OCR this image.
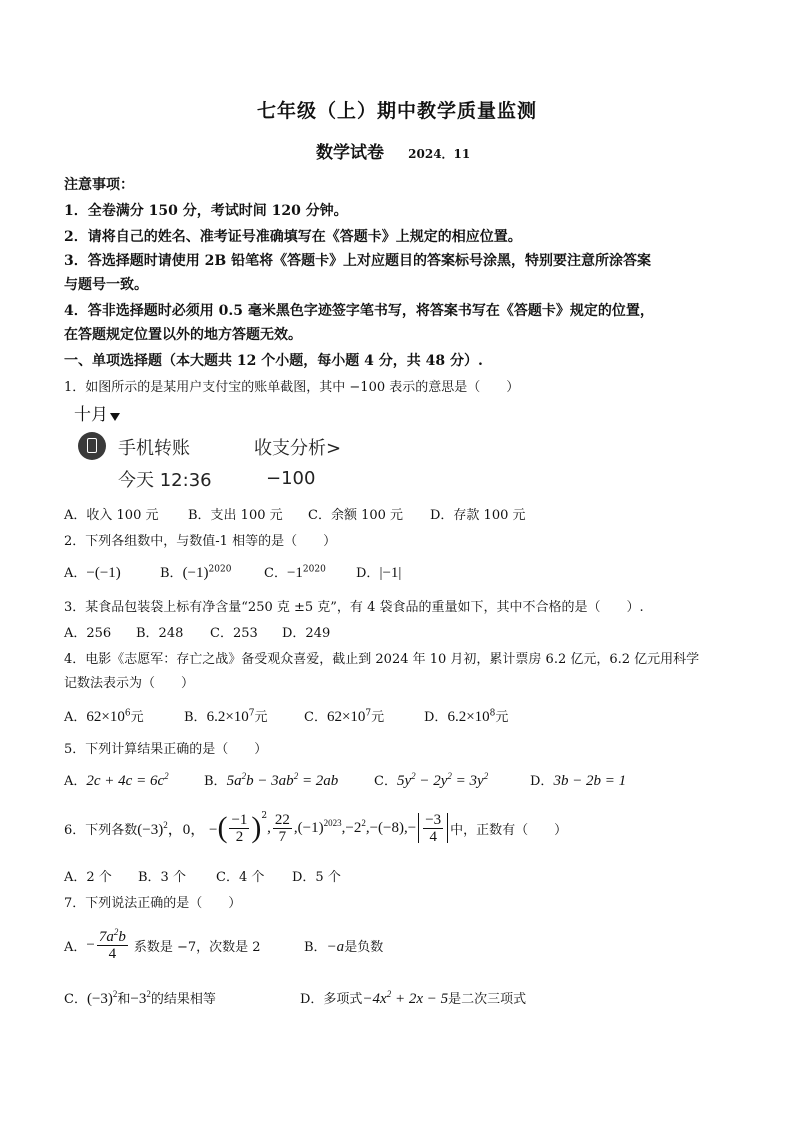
七年级（上）期中教学质量监测
数学试卷 2024．11
注意事项：
1．全卷满分 150 分，考试时间 120 分钟。
2．请将自己的姓名、准考证号准确填写在《答题卡》上规定的相应位置。
3．答选择题时请使用 2B 铅笔将《答题卡》上对应题目的答案标号涂黑，特别要注意所涂答案
与题号一致。
4．答非选择题时必须用 0.5 毫米黑色字迹签字笔书写，将答案书写在《答题卡》规定的位置，
在答题规定位置以外的地方答题无效。
一、单项选择题（本大题共 12 个小题，每小题 4 分，共 48 分）.
1．如图所示的是某用户支付宝的账单截图，其中 −100 表示的意思是（　　）
十月
手机转账	收支分析>
今天 12:36	−100
A．收入 100 元 B．支出 100 元 C．余额 100 元 D．存款 100 元
2．下列各组数中，与数值-1 相等的是（　　）
A．−(−1)	B．$(-1)^{2020}$	C．$-1^{2020}$ D．|−1|
3．某食品包装袋上标有净含量“250 克 ±5 克”，有 4 袋食品的重量如下，其中不合格的是（　　）.
A．256 B．248 C．253 D．249
4．电影《志愿军：存亡之战》备受观众喜爱，截止到 2024 年 10 月初，累计票房 6.2 亿元，6.2 亿元用科学
记数法表示为（　　）
A．$62\times 10^6$元	B．$6.2\times 10^7$元	C．$62\times 10^7$元	D．$6.2\times 10^8$元
5．下列计算结果正确的是（　　）
A．$2c + 4c = 6c^2$	B．$5a^2b - 3ab^2 = 2ab$	C．$5y^2 - 2y^2 = 3y^2$	D．3b − 2b = 1
6．下列各数 $(-3)^2$，0， − ( $\frac{-1}{2} )^2$
, $\frac{22}{7} ,(-1)^{2023},-2^2,-(-8),- \frac{-3}{4}$ 中，正数有（　　）
A．2 个 B．3 个 C．4 个 D．5 个
7．下列说法正确的是（　　）
A． − $\frac{7a^2b}{4}$ 系数是 −7，次数是 2	B．−a是负数
C．$(-3)^2$和$-3^2$的结果相等	D．多项式$-4x^2 + 2x - 5$是二次三项式
